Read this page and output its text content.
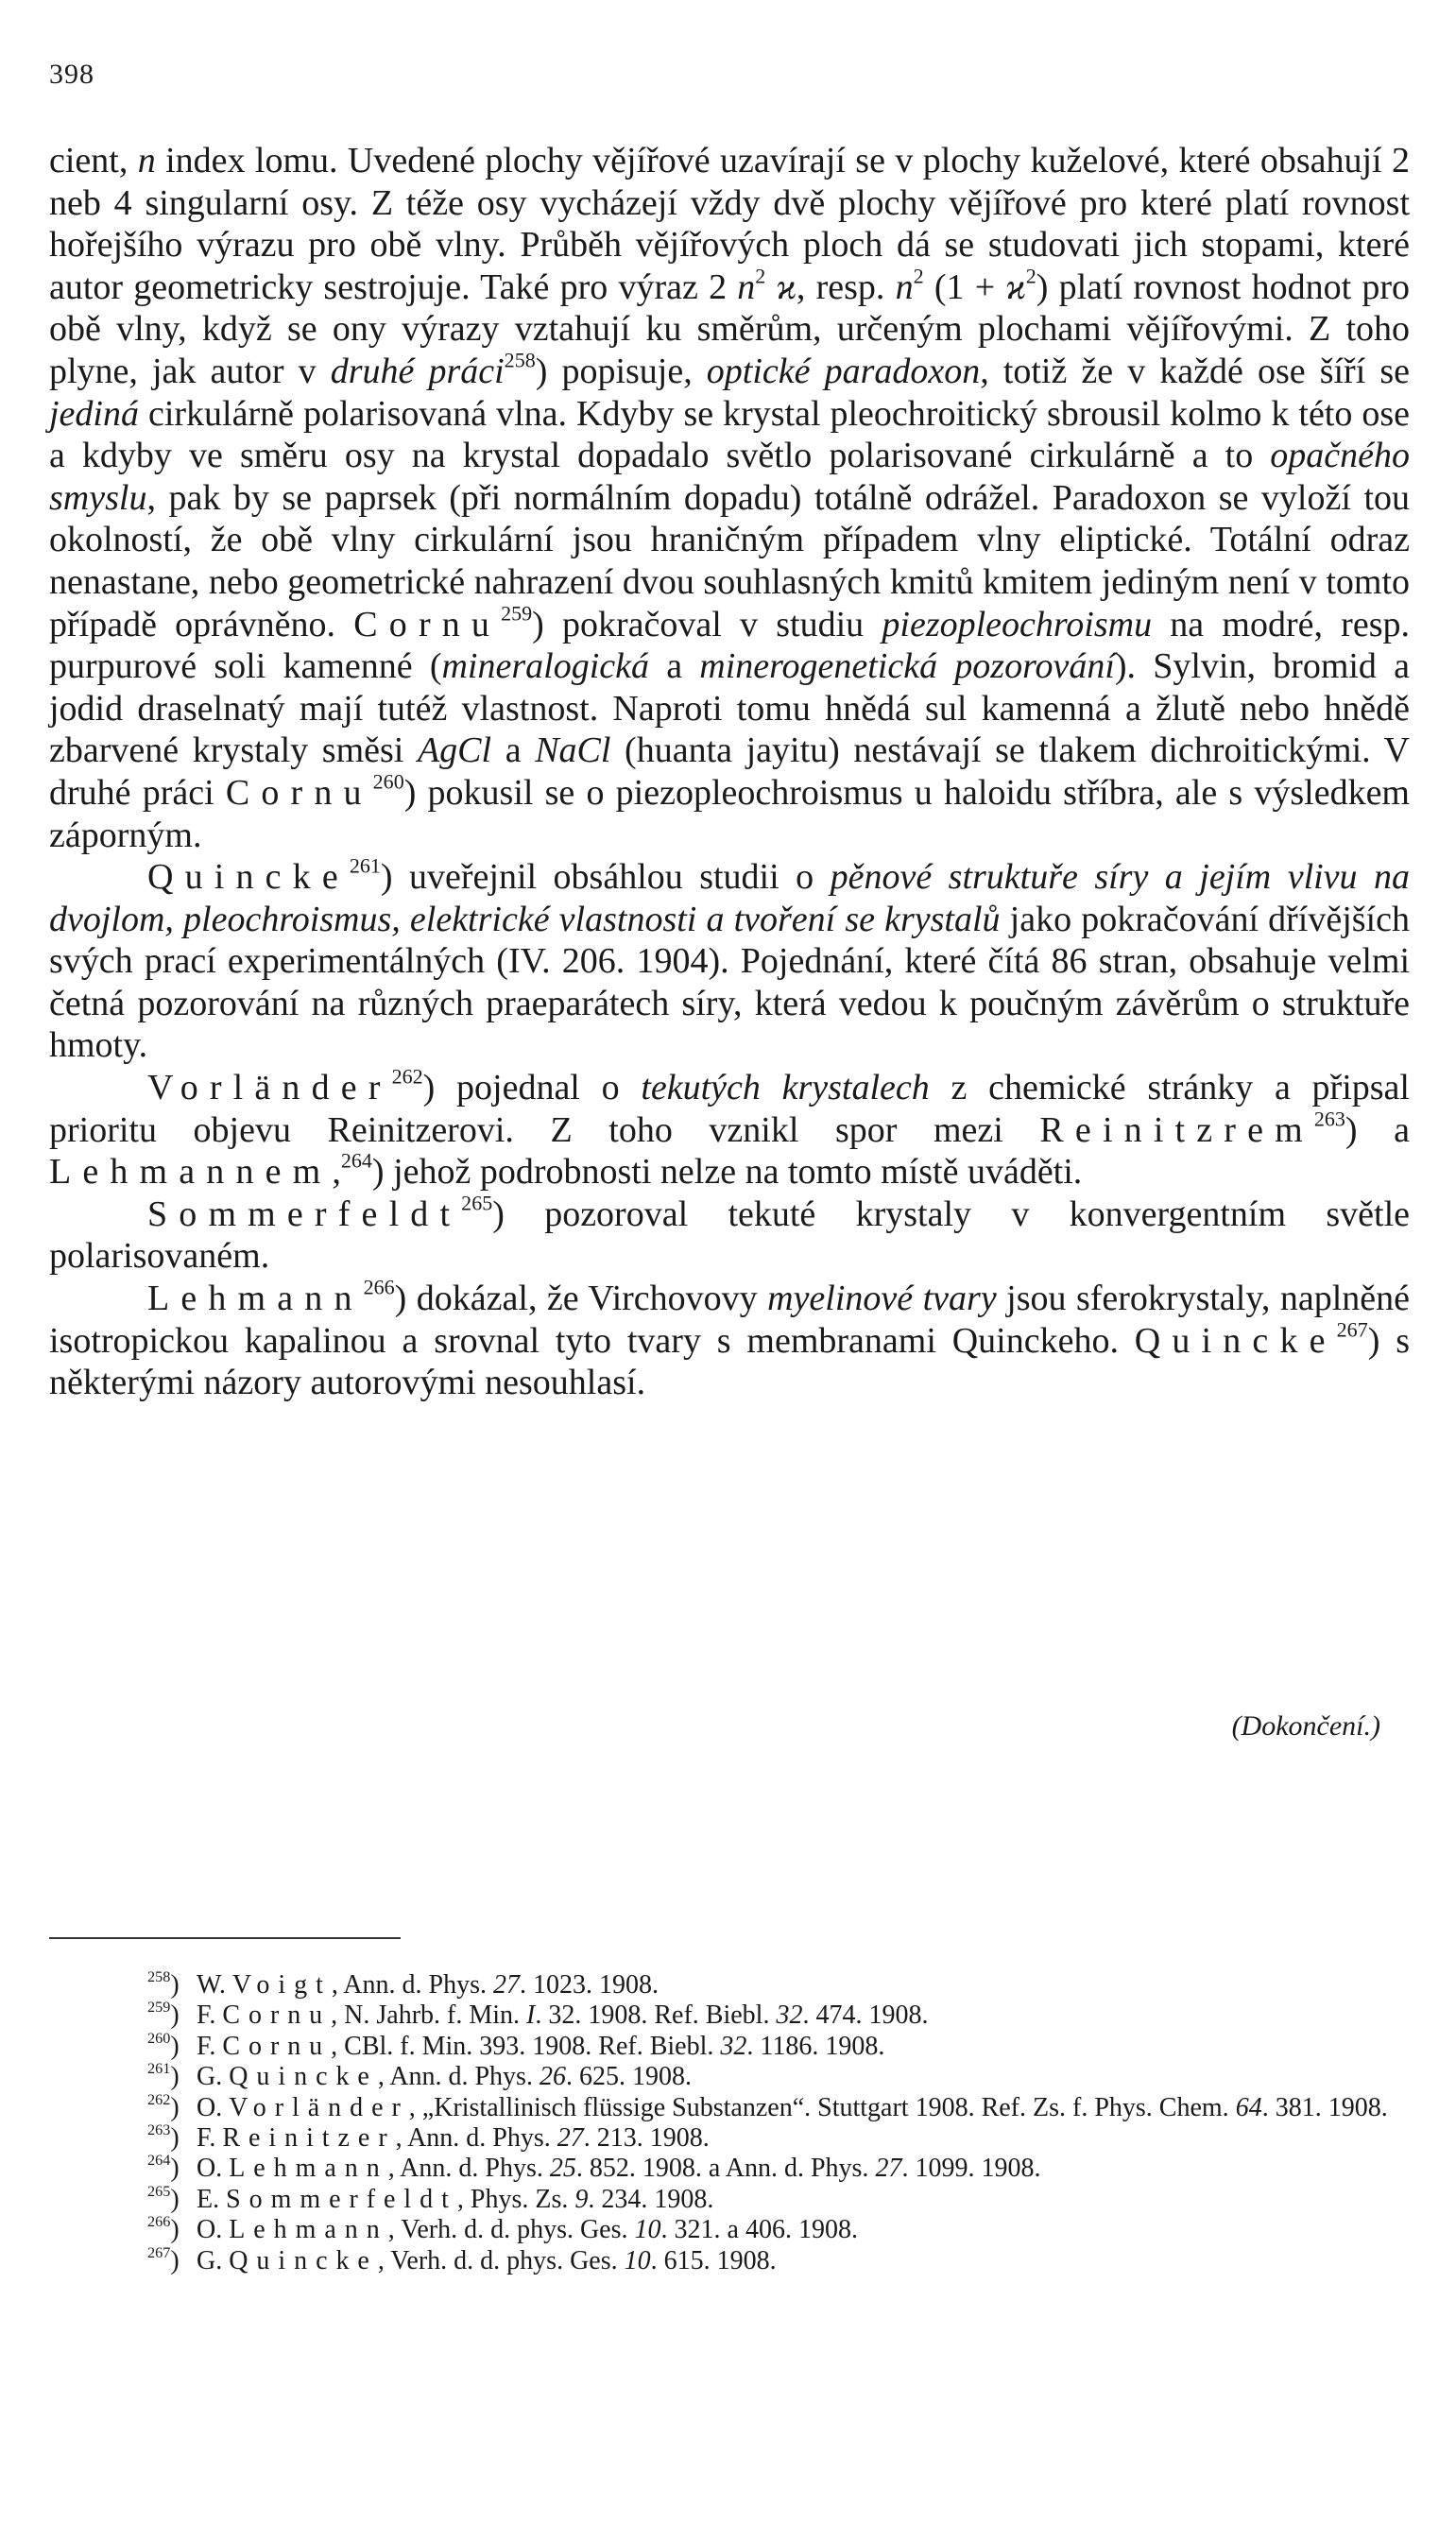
398

cient, n index lomu. Uvedené plochy vějířové uzavírají se v plochy kuželové, které obsahují 2 neb 4 singularní osy. Z téže osy vycházejí vždy dvě plochy vějířové pro které platí rovnost hořejšího výrazu pro obě vlny. Průběh vějířových ploch dá se studovati jich stopami, které autor geometricky sestrojuje. Také pro výraz 2 $n^2$ ϰ, resp. $n^2$ $(1 + ϰ^2)$ platí rovnost hodnot pro obě vlny, když se ony výrazy vztahují ku směrům, určeným plochami vějířovými. Z toho plyne, jak autor v druhé práci$^{258}$) popisuje, optické paradoxon, totiž že v každé ose šíří se jediná cirkulárně polarisovaná vlna. Kdyby se krystal pleochroitický sbrousil kolmo k této ose a kdyby ve směru osy na krystal dopadalo světlo polarisované cirkulárně a to opačného smyslu, pak by se paprsek (při normálním dopadu) totálně odrážel. Paradoxon se vyloží tou okolností, že obě vlny cirkulární jsou hraničným případem vlny eliptické. Totální odraz nenastane, nebo geometrické nahrazení dvou souhlasných kmitů kmitem jediným není v tomto případě oprávněno. Cornu$^{259}$) pokračoval v studiu piezopleochroismu na modré, resp. purpurové soli kamenné (mineralogická a minerogenetická pozorování). Sylvin, bromid a jodid draselnatý mají tutéž vlastnost. Naproti tomu hnědá sul kamenná a žlutě nebo hnědě zbarvené krystaly směsi AgCl a NaCl (huanta jayitu) nestávají se tlakem dichroitickými. V druhé práci Cornu$^{260}$) pokusil se o piezopleochroismus u haloidu stříbra, ale s výsledkem záporným.

Quincke$^{261}$) uveřejnil obsáhlou studii o pěnové struktuře síry a jejím vlivu na dvojlom, pleochroismus, elektrické vlastnosti a tvoření se krystalů jako pokračování dřívějších svých prací experimentálných (IV. 206. 1904). Pojednání, které čítá 86 stran, obsahuje velmi četná pozorování na různých praeparátech síry, která vedou k poučným závěrům o struktuře hmoty.

Vorländer$^{262}$) pojednal o tekutých krystalech z chemické stránky a připsal prioritu objevu Reinitzerovi. Z toho vznikl spor mezi Reinitzrem$^{263}$) a Lehmannem,$^{264}$) jehož podrobnosti nelze na tomto místě uváděti.

Sommerfeldt$^{265}$) pozoroval tekuté krystaly v konvergentním světle polarisovaném.

Lehmann$^{266}$) dokázal, že Virchovovy myelinové tvary jsou sferokrystaly, naplněné isotropickou kapalinou a srovnal tyto tvary s membranami Quinckeho. Quincke$^{267}$) s některými názory autorovými nesouhlasí.

(Dokončení.)

$^{258}$) W. Voigt, Ann. d. Phys. 27. 1023. 1908.

$^{259}$) F. Cornu, N. Jahrb. f. Min. I. 32. 1908. Ref. Biebl. 32. 474. 1908.

$^{260}$) F. Cornu, CBl. f. Min. 393. 1908. Ref. Biebl. 32. 1186. 1908.

$^{261}$) G. Quincke, Ann. d. Phys. 26. 625. 1908.

$^{262}$) O. Vorländer, „Kristallinisch flüssige Substanzen“. Stuttgart 1908. Ref. Zs. f. Phys. Chem. 64. 381. 1908.

$^{263}$) F. Reinitzer, Ann. d. Phys. 27. 213. 1908.

$^{264}$) O. Lehmann, Ann. d. Phys. 25. 852. 1908. a Ann. d. Phys. 27. 1099. 1908.

$^{265}$) E. Sommerfeldt, Phys. Zs. 9. 234. 1908.

$^{266}$) O. Lehmann, Verh. d. d. phys. Ges. 10. 321. a 406. 1908.

$^{267}$) G. Quincke, Verh. d. d. phys. Ges. 10. 615. 1908.
